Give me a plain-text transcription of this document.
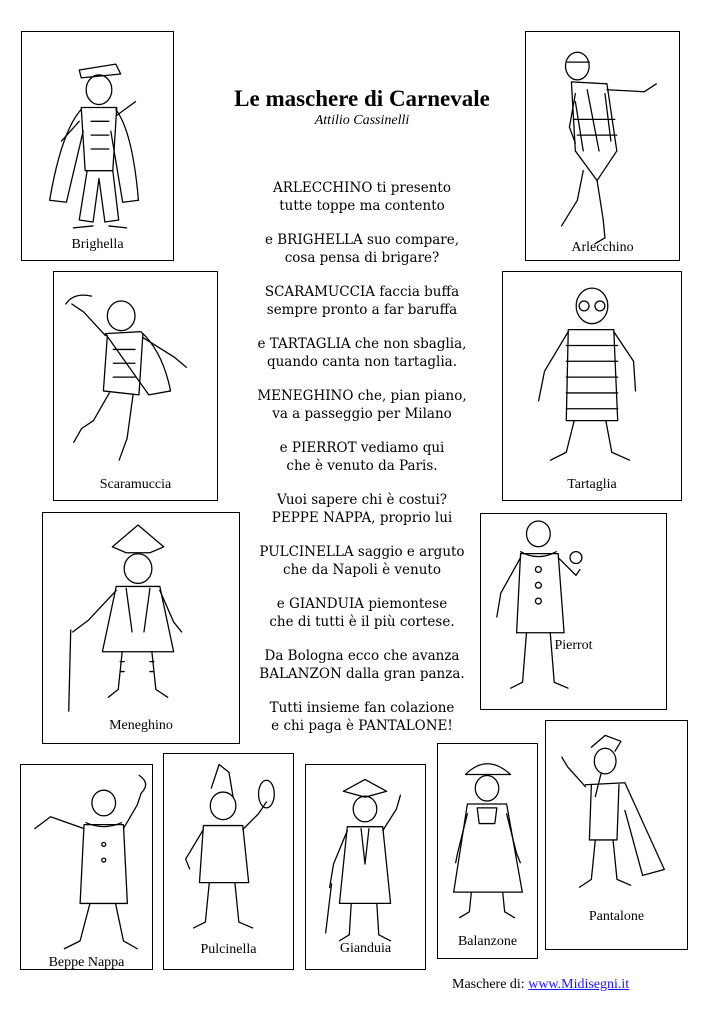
Le maschere di Carnevale
Attilio Cassinelli
ARLECCHINO ti presento
tutte toppe ma contento
e BRIGHELLA suo compare,
cosa pensa di brigare?
SCARAMUCCIA faccia buffa
sempre pronto a far baruffa
e TARTAGLIA che non sbaglia,
quando canta non tartaglia.
MENEGHINO che, pian piano,
va a passeggio per Milano
e PIERROT vediamo qui
che è venuto da Paris.
Vuoi sapere chi è costui?
PEPPE NAPPA, proprio lui
PULCINELLA saggio e arguto
che da Napoli è venuto
e GIANDUIA piemontese
che di tutti è il più cortese.
Da Bologna ecco che avanza
BALANZON dalla gran panza.
Tutti insieme fan colazione
e chi paga è PANTALONE!
Brighella	Arlecchino
Scaramuccia	Tartaglia
Meneghino
Pierrot
Beppe Nappa
Pulcinella	Gianduia	Balanzone
Pantalone
Maschere di: www.Midisegni.it
